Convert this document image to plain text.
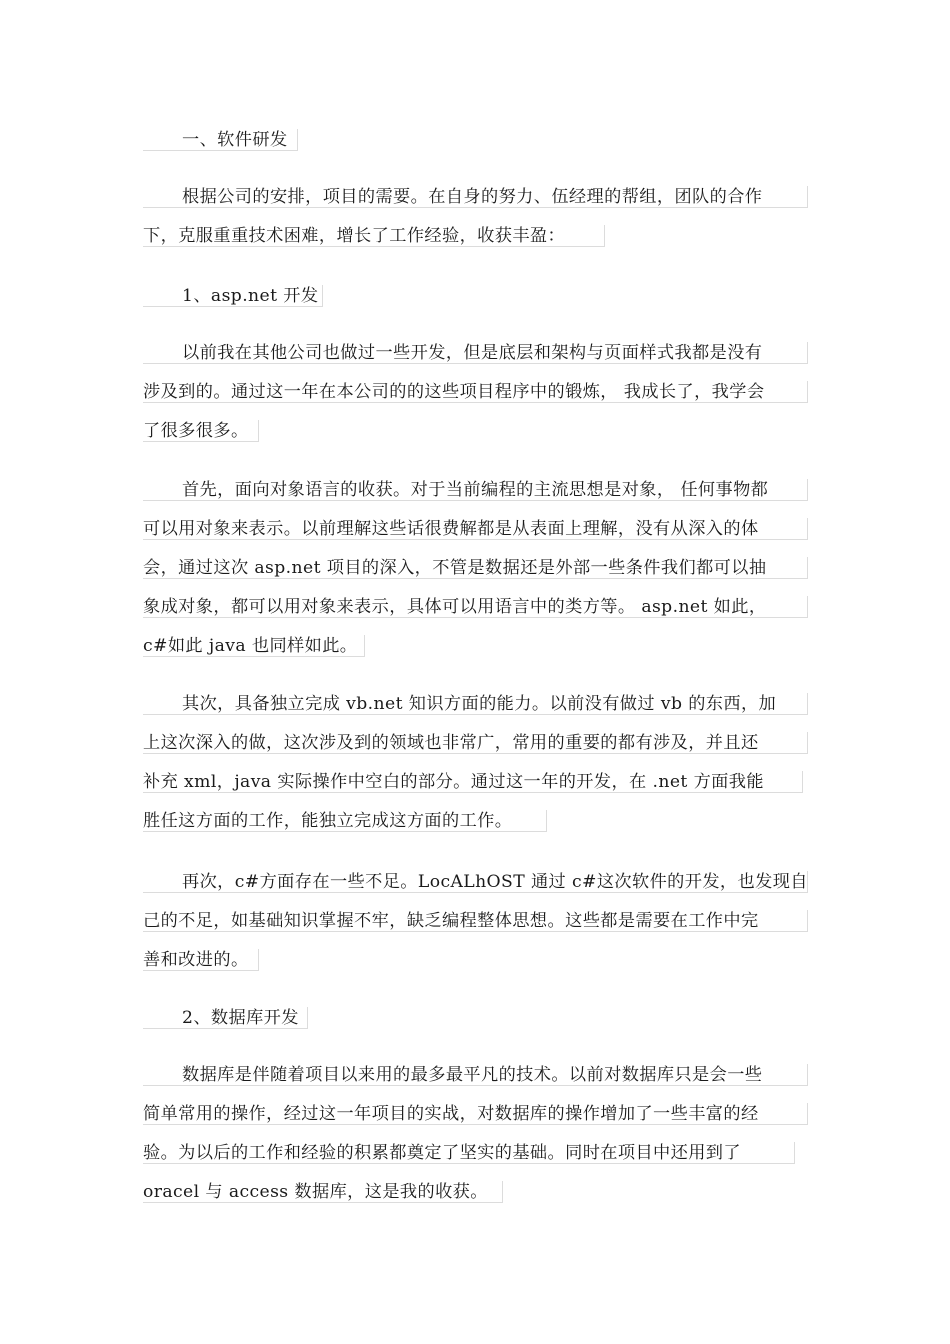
一、软件研发
根据公司的安排，项目的需要。在自身的努力、伍经理的帮组，团队的合作
下，克服重重技术困难，增长了工作经验，收获丰盈：
1、asp.net 开发
以前我在其他公司也做过一些开发，但是底层和架构与页面样式我都是没有
涉及到的。通过这一年在本公司的的这些项目程序中的锻炼， 我成长了，我学会
了很多很多。
首先，面向对象语言的收获。对于当前编程的主流思想是对象， 任何事物都
可以用对象来表示。以前理解这些话很费解都是从表面上理解，没有从深入的体
会，通过这次 asp.net 项目的深入，不管是数据还是外部一些条件我们都可以抽
象成对象，都可以用对象来表示，具体可以用语言中的类方等。 asp.net 如此，
c#如此 java 也同样如此。
其次，具备独立完成 vb.net 知识方面的能力。以前没有做过 vb 的东西，加
上这次深入的做，这次涉及到的领域也非常广，常用的重要的都有涉及，并且还
补充 xml，java 实际操作中空白的部分。通过这一年的开发，在 .net 方面我能
胜任这方面的工作，能独立完成这方面的工作。
再次，c#方面存在一些不足。LocALhOST 通过 c#这次软件的开发，也发现自
己的不足，如基础知识掌握不牢，缺乏编程整体思想。这些都是需要在工作中完
善和改进的。
2、数据库开发
数据库是伴随着项目以来用的最多最平凡的技术。以前对数据库只是会一些
简单常用的操作，经过这一年项目的实战，对数据库的操作增加了一些丰富的经
验。为以后的工作和经验的积累都奠定了坚实的基础。同时在项目中还用到了
oracel 与 access 数据库，这是我的收获。
